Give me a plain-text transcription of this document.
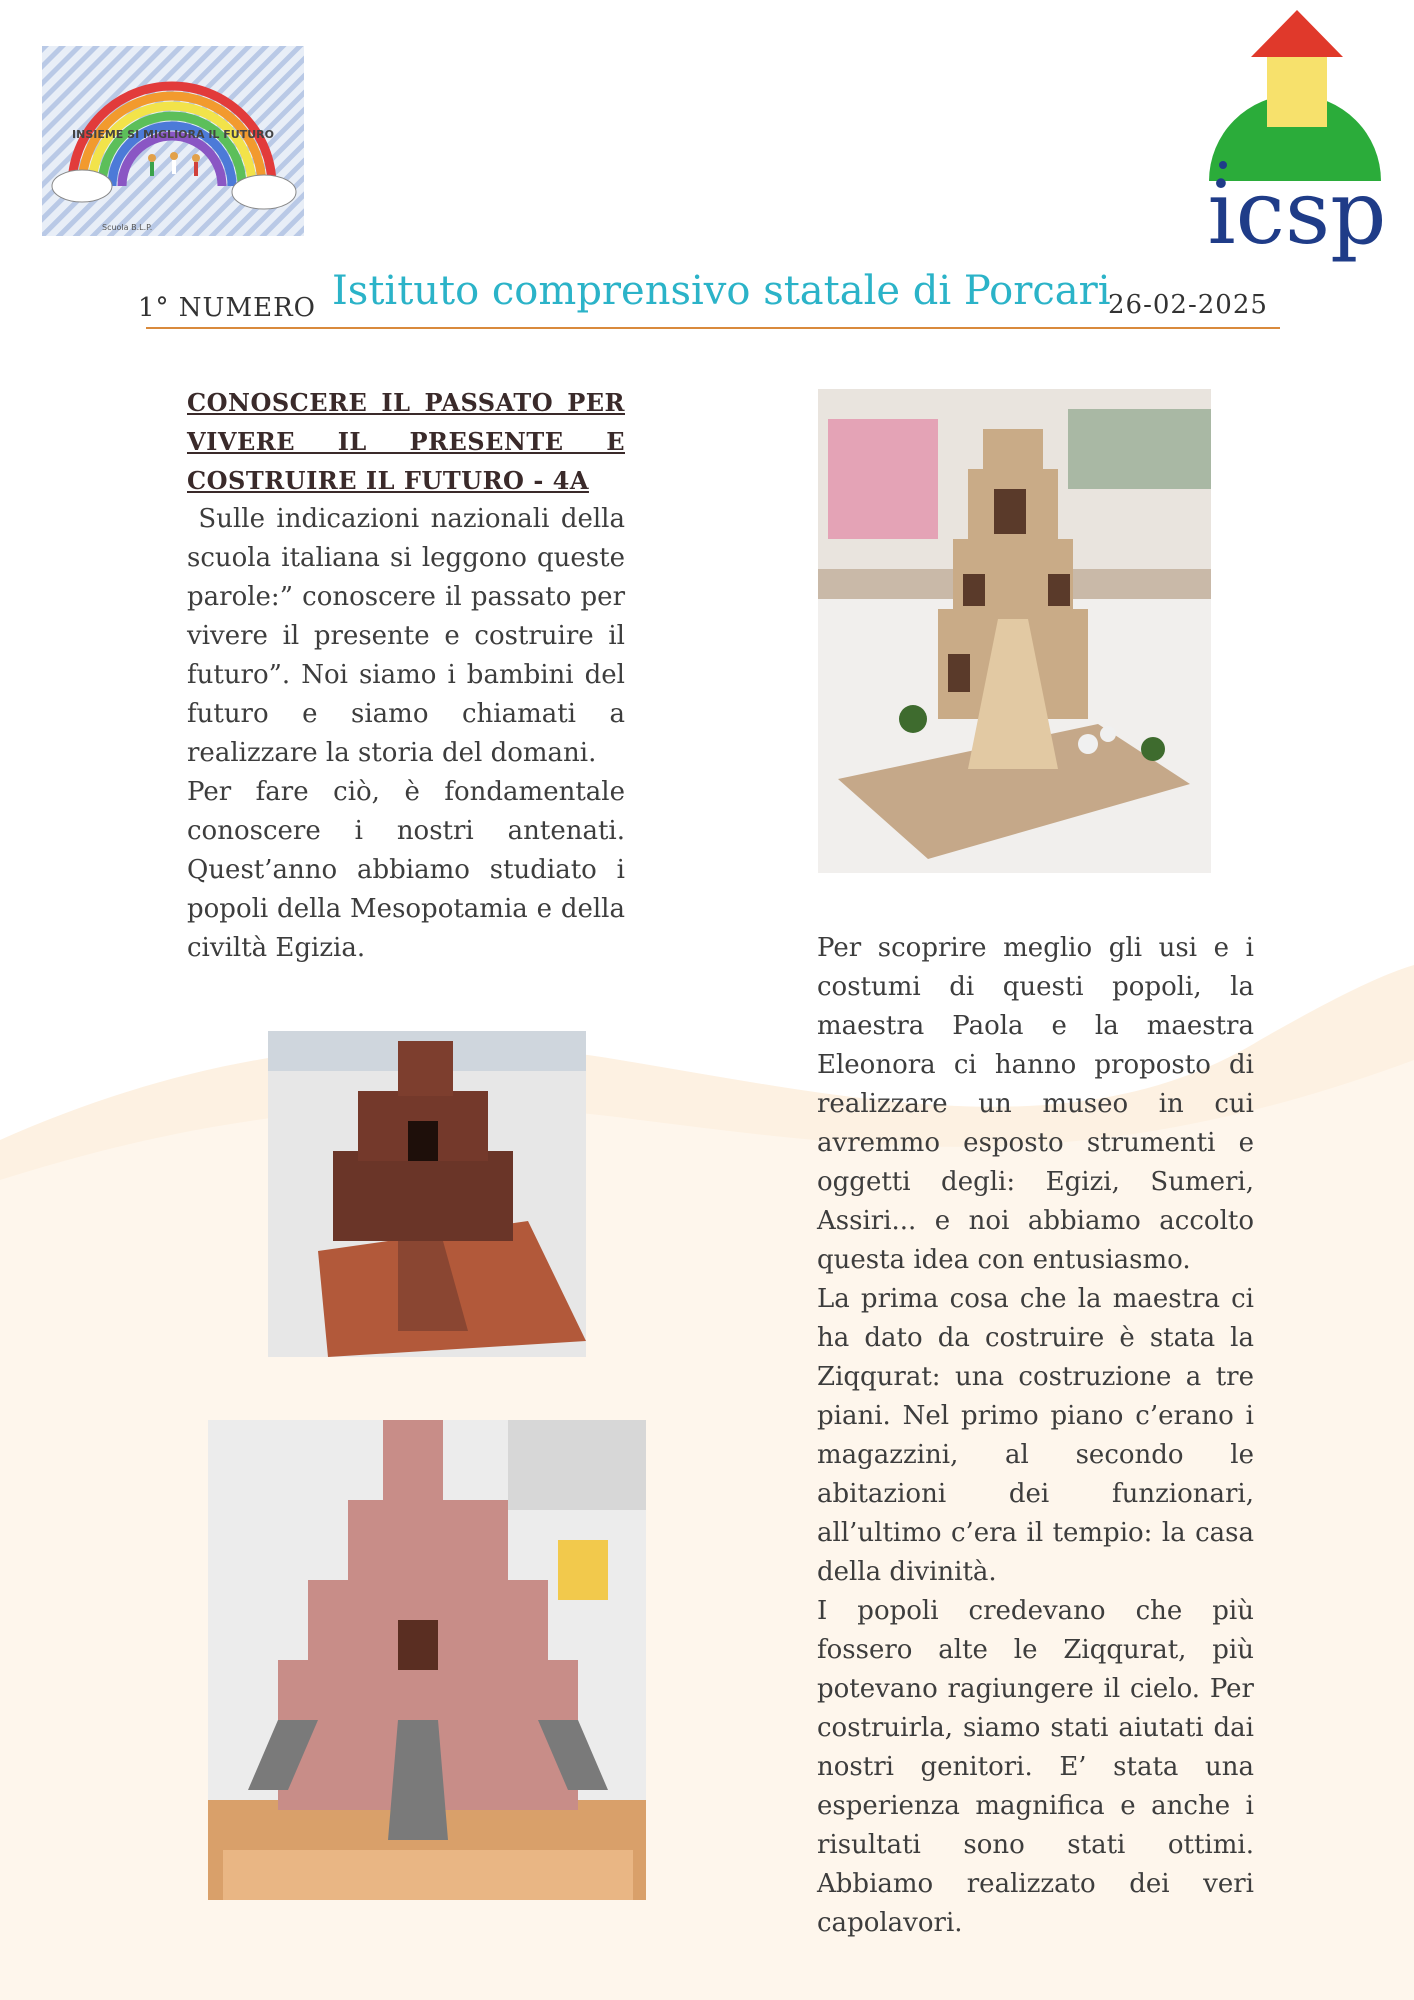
INSIEME SI MIGLIORA IL FUTURO
Scuola B.L.P.	icsp
1° NUMERO Istituto comprensivo statale di Porcari
26-02-2025
CONOSCERE IL PASSATO PER VIVERE IL PRESENTE E COSTRUIRE IL FUTURO - 4A

Sulle indicazioni nazionali della scuola italiana si leggono queste parole:” conoscere il passato per vivere il presente e costruire il futuro”. Noi siamo i bambini del futuro e siamo chiamati a realizzare la storia del domani.

Per fare ciò, è fondamentale conoscere i nostri antenati. Quest’anno abbiamo studiato i popoli della Mesopotamia e della civiltà Egizia.	Per scoprire meglio gli usi e i costumi di questi popoli, la maestra Paola e la maestra Eleonora ci hanno proposto di realizzare un museo in cui avremmo esposto strumenti e oggetti degli: Egizi, Sumeri, Assiri... e noi abbiamo accolto questa idea con entusiasmo.

La prima cosa che la maestra ci ha dato da costruire è stata la Ziqqurat: una costruzione a tre piani. Nel primo piano c’erano i magazzini, al secondo le abitazioni dei funzionari, all’ultimo c’era il tempio: la casa della divinità.

I popoli credevano che più fossero alte le Ziqqurat, più potevano ragiungere il cielo. Per costruirla, siamo stati aiutati dai nostri genitori. E’ stata una esperienza magnifica e anche i risultati sono stati ottimi. Abbiamo realizzato dei veri capolavori.
